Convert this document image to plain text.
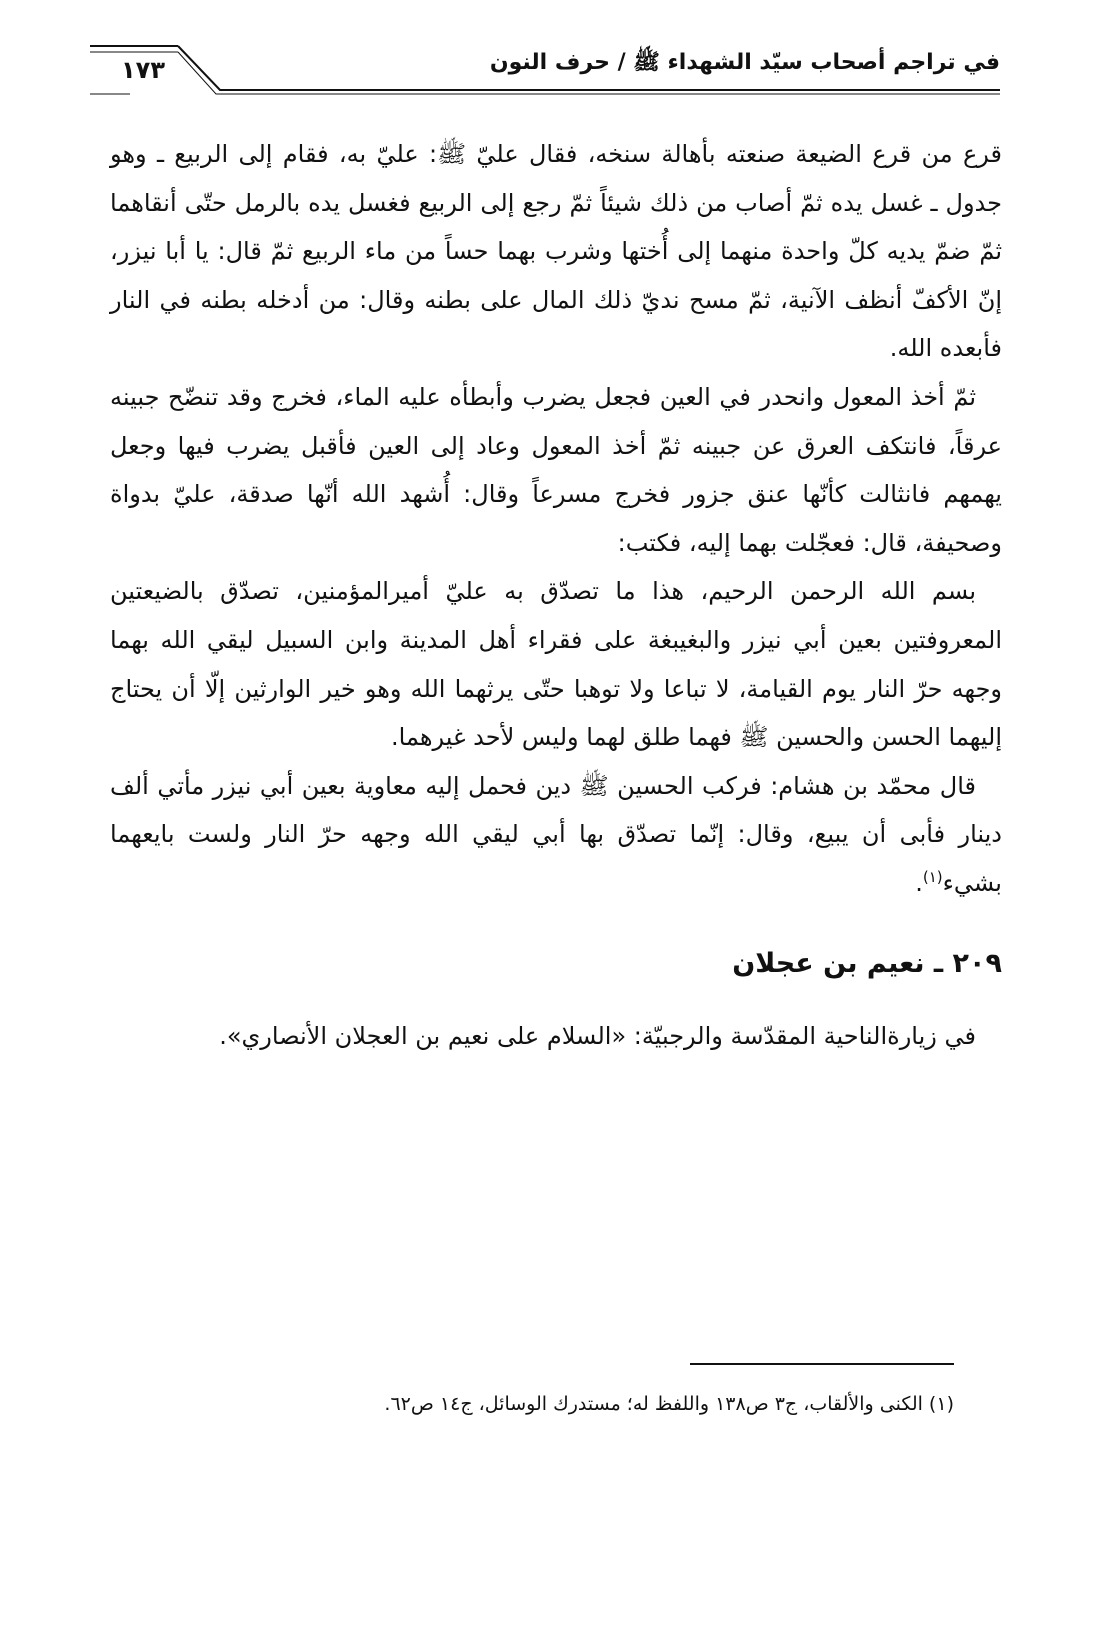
١٧٣	في تراجم أصحاب سيّد الشهداء ﷺ / حرف النون

قرع من قرع الضيعة صنعته بأهالة سنخه، فقال عليّ ﷺ: عليّ به، فقام إلى الربيع ـ وهو جدول ـ غسل يده ثمّ أصاب من ذلك شيئاً ثمّ رجع إلى الربيع فغسل يده بالرمل حتّى أنقاهما ثمّ ضمّ يديه كلّ واحدة منهما إلى أُختها وشرب بهما حساً من ماء الربيع ثمّ قال: يا أبا نيزر، إنّ الأكفّ أنظف الآنية، ثمّ مسح نديّ ذلك المال على بطنه وقال: من أدخله بطنه في النار فأبعده الله.

ثمّ أخذ المعول وانحدر في العين فجعل يضرب وأبطأه عليه الماء، فخرج وقد تنضّح جبينه عرقاً، فانتكف العرق عن جبينه ثمّ أخذ المعول وعاد إلى العين فأقبل يضرب فيها وجعل يهمهم فانثالت كأنّها عنق جزور فخرج مسرعاً وقال: أُشهد الله أنّها صدقة، عليّ بدواة وصحيفة، قال: فعجّلت بهما إليه، فكتب:

بسم الله الرحمن الرحيم، هذا ما تصدّق به عليّ أميرالمؤمنين، تصدّق بالضيعتين المعروفتين بعين أبي نيزر والبغيبغة على فقراء أهل المدينة وابن السبيل ليقي الله بهما وجهه حرّ النار يوم القيامة، لا تباعا ولا توهبا حتّى يرثهما الله وهو خير الوارثين إلّا أن يحتاج إليهما الحسن والحسين ﷺ فهما طلق لهما وليس لأحد غيرهما.

قال محمّد بن هشام: فركب الحسين ﷺ دين فحمل إليه معاوية بعين أبي نيزر مأتي ألف دينار فأبى أن يبيع، وقال: إنّما تصدّق بها أبي ليقي الله وجهه حرّ النار ولست بايعهما بشيء$^{(١)}$.

٢٠٩ ـ نعيم بن عجلان

في زيارةالناحية المقدّسة والرجبيّة: «السلام على نعيم بن العجلان الأنصاري».

(١) الكنى والألقاب، ج٣ ص١٣٨ واللفظ له؛ مستدرك الوسائل، ج١٤ ص٦٢.
